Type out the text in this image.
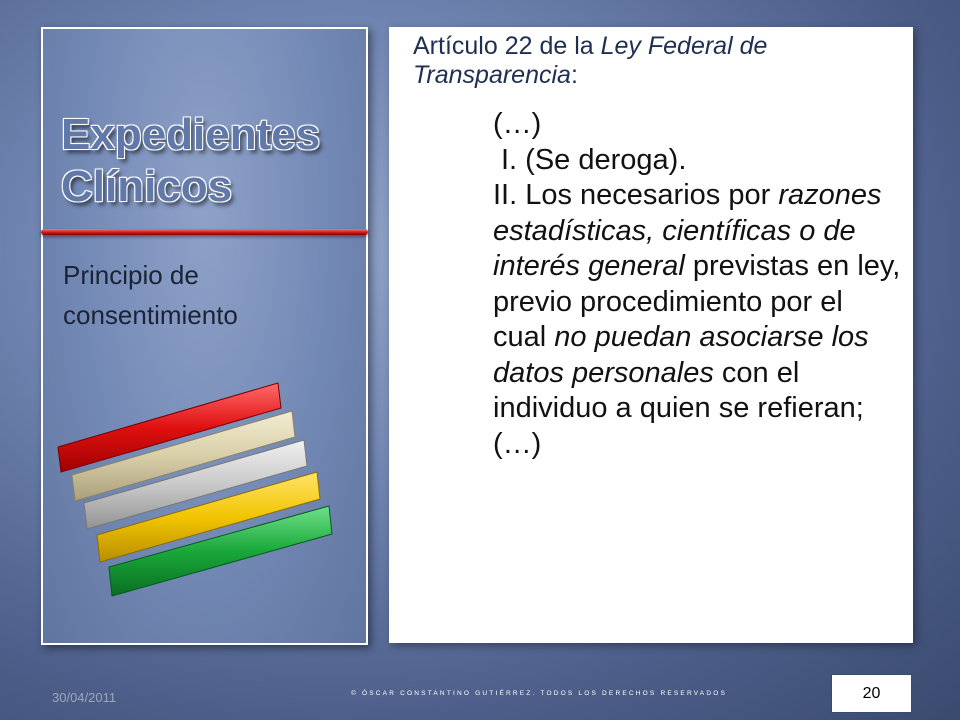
Expedientes
Clínicos
Principio de consentimiento
Artículo 22 de la Ley Federal de Transparencia:

(…)

I. (Se deroga).

II. Los necesarios por razones estadísticas, científicas o de interés general previstas en ley, previo procedimiento por el cual no puedan asociarse los datos personales con el individuo a quien se refieran;

(…)

30/04/2011	© ÓSCAR CONSTANTINO GUTIÉRREZ. TODOS LOS DERECHOS RESERVADOS	20
